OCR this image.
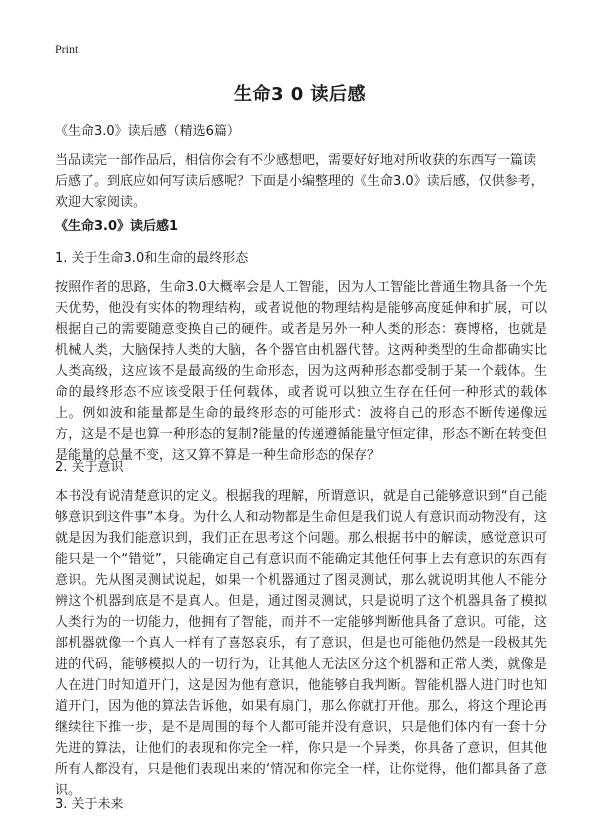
Print
生命3 0 读后感
《生命3.0》读后感（精选6篇）
当品读完一部作品后，相信你会有不少感想吧，需要好好地对所收获的东西写一篇读后感了。到底应如何写读后感呢？下面是小编整理的《生命3.0》读后感，仅供参考，欢迎大家阅读。
《生命3.0》读后感1
1. 关于生命3.0和生命的最终形态
按照作者的思路，生命3.0大概率会是人工智能，因为人工智能比普通生物具备一个先天优势，他没有实体的物理结构，或者说他的物理结构是能够高度延伸和扩展，可以根据自己的需要随意变换自己的硬件。或者是另外一种人类的形态：赛博格，也就是机械人类，大脑保持人类的大脑，各个器官由机器代替。这两种类型的生命都确实比人类高级，这应该不是最高级的生命形态，因为这两种形态都受制于某一个载体。生命的最终形态不应该受限于任何载体，或者说可以独立生存在任何一种形式的载体上。例如波和能量都是生命的最终形态的可能形式：波将自己的形态不断传递像远方，这是不是也算一种形态的复制?能量的传递遵循能量守恒定律，形态不断在转变但是能量的总量不变，这又算不算是一种生命形态的保存？
2. 关于意识
本书没有说清楚意识的定义。根据我的理解，所谓意识，就是自己能够意识到“自己能够意识到这件事”本身。为什么人和动物都是生命但是我们说人有意识而动物没有，这就是因为我们能意识到，我们正在思考这个问题。那么根据书中的解读，感觉意识可能只是一个“错觉”，只能确定自己有意识而不能确定其他任何事上去有意识的东西有意识。先从图灵测试说起，如果一个机器通过了图灵测试，那么就说明其他人不能分辨这个机器到底是不是真人。但是，通过图灵测试，只是说明了这个机器具备了模拟人类行为的一切能力，他拥有了智能，而并不一定能够判断他具备了意识。可能，这部机器就像一个真人一样有了喜怒哀乐，有了意识，但是也可能他仍然是一段极其先进的代码，能够模拟人的一切行为，让其他人无法区分这个机器和正常人类，就像是人在进门时知道开门，这是因为他有意识，他能够自我判断。智能机器人进门时也知道开门，因为他的算法告诉他，如果有扇门，那么你就打开他。那么，将这个理论再继续往下推一步，是不是周围的每个人都可能并没有意识，只是他们体内有一套十分先进的算法，让他们的表现和你完全一样，你只是一个异类，你具备了意识，但其他所有人都没有，只是他们表现出来的‘情况和你完全一样，让你觉得，他们都具备了意识。
3. 关于未来
